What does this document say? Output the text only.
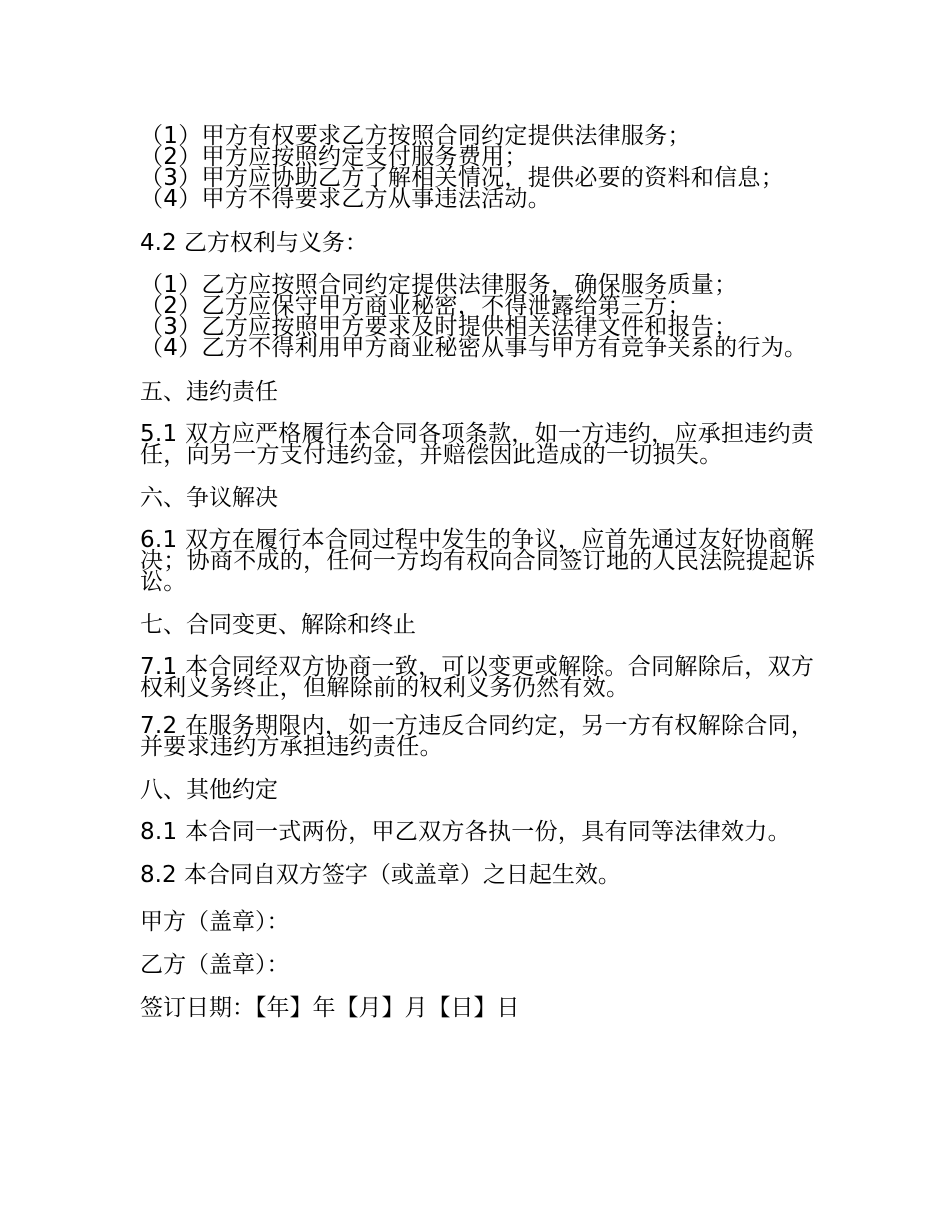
（1）甲方有权要求乙方按照合同约定提供法律服务；

（2）甲方应按照约定支付服务费用；

（3）甲方应协助乙方了解相关情况，提供必要的资料和信息；

（4）甲方不得要求乙方从事违法活动。

4.2 乙方权利与义务：

（1）乙方应按照合同约定提供法律服务，确保服务质量；

（2）乙方应保守甲方商业秘密，不得泄露给第三方；

（3）乙方应按照甲方要求及时提供相关法律文件和报告；

（4）乙方不得利用甲方商业秘密从事与甲方有竞争关系的行为。

五、违约责任

5.1 双方应严格履行本合同各项条款，如一方违约，应承担违约责任，向另一方支付违约金，并赔偿因此造成的一切损失。

六、争议解决

6.1 双方在履行本合同过程中发生的争议，应首先通过友好协商解决；协商不成的，任何一方均有权向合同签订地的人民法院提起诉讼。

七、合同变更、解除和终止

7.1 本合同经双方协商一致，可以变更或解除。合同解除后，双方权利义务终止，但解除前的权利义务仍然有效。

7.2 在服务期限内，如一方违反合同约定，另一方有权解除合同，并要求违约方承担违约责任。

八、其他约定

8.1 本合同一式两份，甲乙双方各执一份，具有同等法律效力。

8.2 本合同自双方签字（或盖章）之日起生效。

甲方（盖章）：

乙方（盖章）：

签订日期：【年】年【月】月【日】日
